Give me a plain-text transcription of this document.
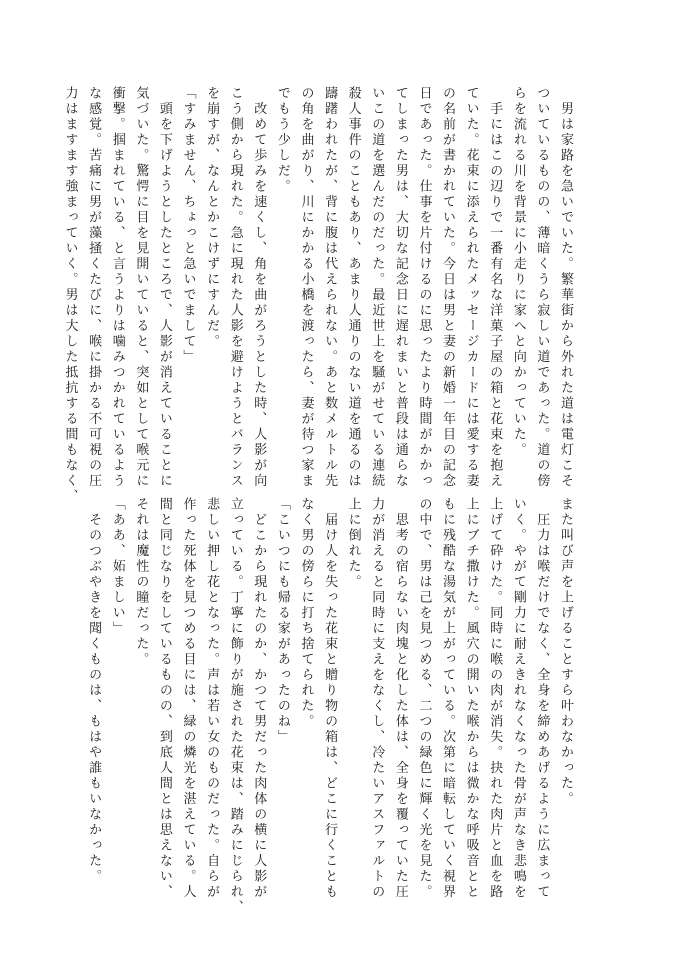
　男は家路を急いでいた。繁華街から外れた道は電灯こそ
ついているものの、薄暗くうら寂しい道であった。道の傍
らを流れる川を背景に小走りに家へと向かっていた。
　手にはこの辺りで一番有名な洋菓子屋の箱と花束を抱え
ていた。花束に添えられたメッセージカードには愛する妻
の名前が書かれていた。今日は男と妻の新婚一年目の記念
日であった。仕事を片付けるのに思ったより時間がかかっ
てしまった男は、大切な記念日に遅れまいと普段は通らな
いこの道を選んだのだった。最近世上を騒がせている連続
殺人事件のこともあり、あまり人通りのない道を通るのは
躊躇われたが、背に腹は代えられない。あと数メルトル先
の角を曲がり、川にかかる小橋を渡ったら、妻が待つ家ま
でもう少しだ。
　改めて歩みを速くし、角を曲がろうとした時、人影が向
こう側から現れた。急に現れた人影を避けようとバランス
を崩すが、なんとかこけずにすんだ。
「すみません、ちょっと急いでまして」
　頭を下げようとしたところで、人影が消えていることに
気づいた。驚愕に目を見開いていると、突如として喉元に
衝撃。掴まれている、と言うよりは噛みつかれているよう
な感覚。苦痛に男が藻掻くたびに、喉に掛かる不可視の圧
力はますます強まっていく。男は大した抵抗する間もなく、
また叫び声を上げることすら叶わなかった。
　圧力は喉だけでなく、全身を締めあげるように広まって
いく。やがて剛力に耐えきれなくなった骨が声なき悲鳴を
上げて砕けた。同時に喉の肉が消失。抉れた肉片と血を路
上にブチ撒けた。風穴の開いた喉からは微かな呼吸音とと
もに残酷な湯気が上がっている。次第に暗転していく視界
の中で、男は己を見つめる、二つの緑色に輝く光を見た。
　思考の宿らない肉塊と化した体は、全身を覆っていた圧
力が消えると同時に支えをなくし、冷たいアスファルトの
上に倒れた。
　届け人を失った花束と贈り物の箱は、どこに行くことも
なく男の傍らに打ち捨てられた。
「こいつにも帰る家があったのね」
　どこから現れたのか、かつて男だった肉体の横に人影が
立っている。丁寧に飾りが施された花束は、踏みにじられ、
悲しい押し花となった。声は若い女のものだった。自らが
作った死体を見つめる目には、緑の燐光を湛えている。人
間と同じなりをしているものの、到底人間とは思えない、
それは魔性の瞳だった。
「ああ、妬ましい」
　そのつぶやきを聞くものは、もはや誰もいなかった。
